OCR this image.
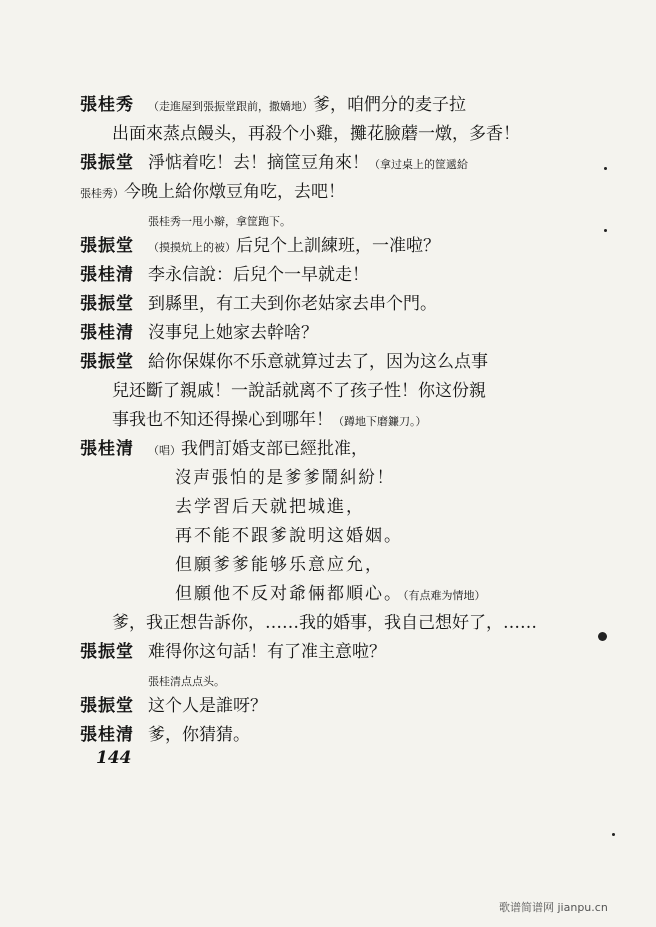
張桂秀 （走進屋到張振堂跟前，撒嬌地）爹，咱們分的麦子拉
出面來蒸点饅头，再殺个小雞，攤花臉蘑一燉，多香！
張振堂 淨惦着吃！去！摘筐豆角來！（拿过桌上的筐遞給
張桂秀）今晚上給你燉豆角吃，去吧！
張桂秀一甩小辮，拿筐跑下。
張振堂 （摸摸炕上的被）后兒个上訓練班，一准啦？
張桂清 李永信說：后兒个一早就走！
張振堂 到縣里，有工夫到你老姑家去串个門。
張桂清 沒事兒上她家去幹啥？
張振堂 給你保媒你不乐意就算过去了，因为这么点事
兒还斷了親戚！一說話就离不了孩子性！你这份親
事我也不知还得操心到哪年！（蹲地下磨鐮刀。）
張桂清 （唱）我們訂婚支部已經批准，
沒声張怕的是爹爹鬧糾紛！
去学習后天就把城進，
再不能不跟爹說明这婚姻。
但願爹爹能够乐意应允，
但願他不反对爺倆都順心。（有点难为情地）
爹，我正想告訴你，……我的婚事，我自己想好了，……
張振堂 难得你这句話！有了准主意啦？
張桂清点点头。
張振堂 这个人是誰呀？
張桂清 爹，你猜猜。
144
歌谱简谱网 jianpu.cn
